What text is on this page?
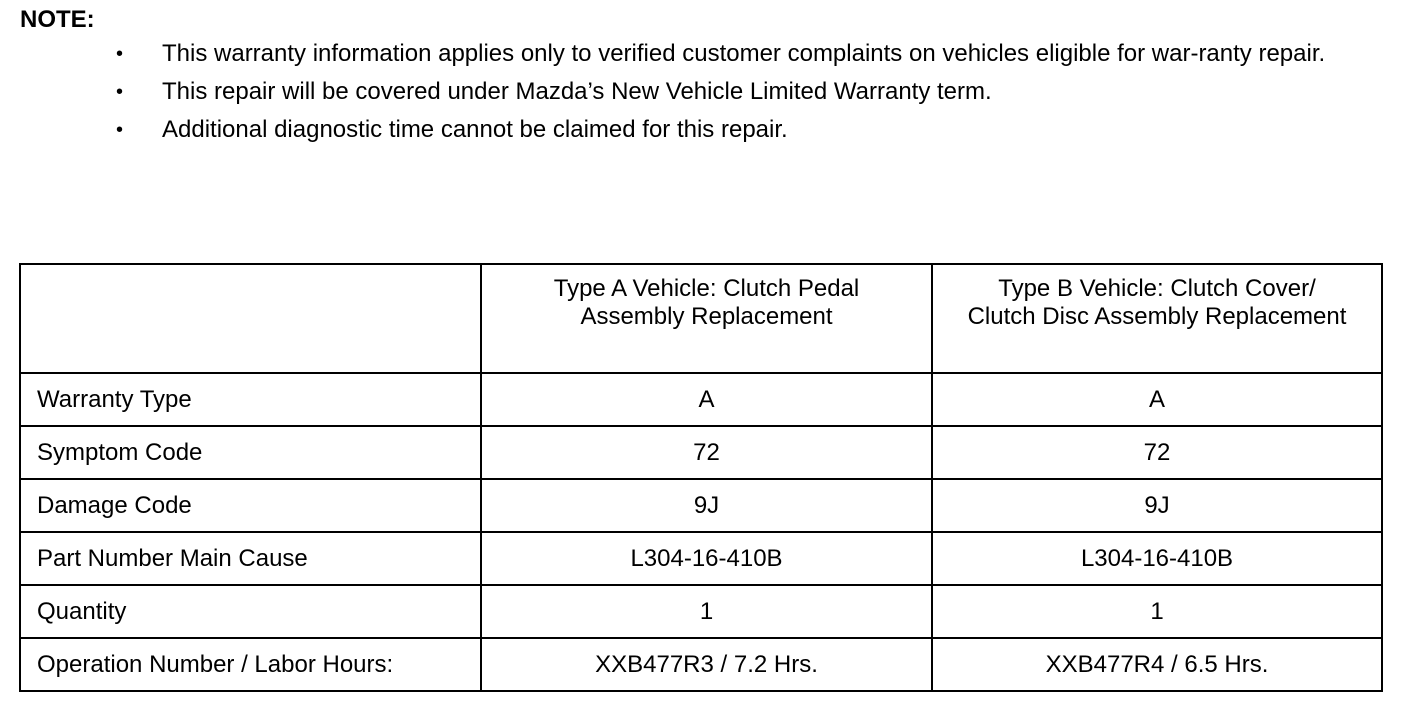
NOTE:

• This warranty information applies only to verified customer complaints on vehicles eligible for war-ranty repair.
• This repair will be covered under Mazda’s New Vehicle Limited Warranty term.
• Additional diagnostic time cannot be claimed for this repair.
	Type A Vehicle: Clutch Pedal Assembly Replacement	Type B Vehicle: Clutch Cover/ Clutch Disc Assembly Replacement
Warranty Type	A	A
Symptom Code	72	72
Damage Code	9J	9J
Part Number Main Cause	L304-16-410B	L304-16-410B
Quantity	1	1
Operation Number / Labor Hours:	XXB477R3 / 7.2 Hrs.	XXB477R4 / 6.5 Hrs.
